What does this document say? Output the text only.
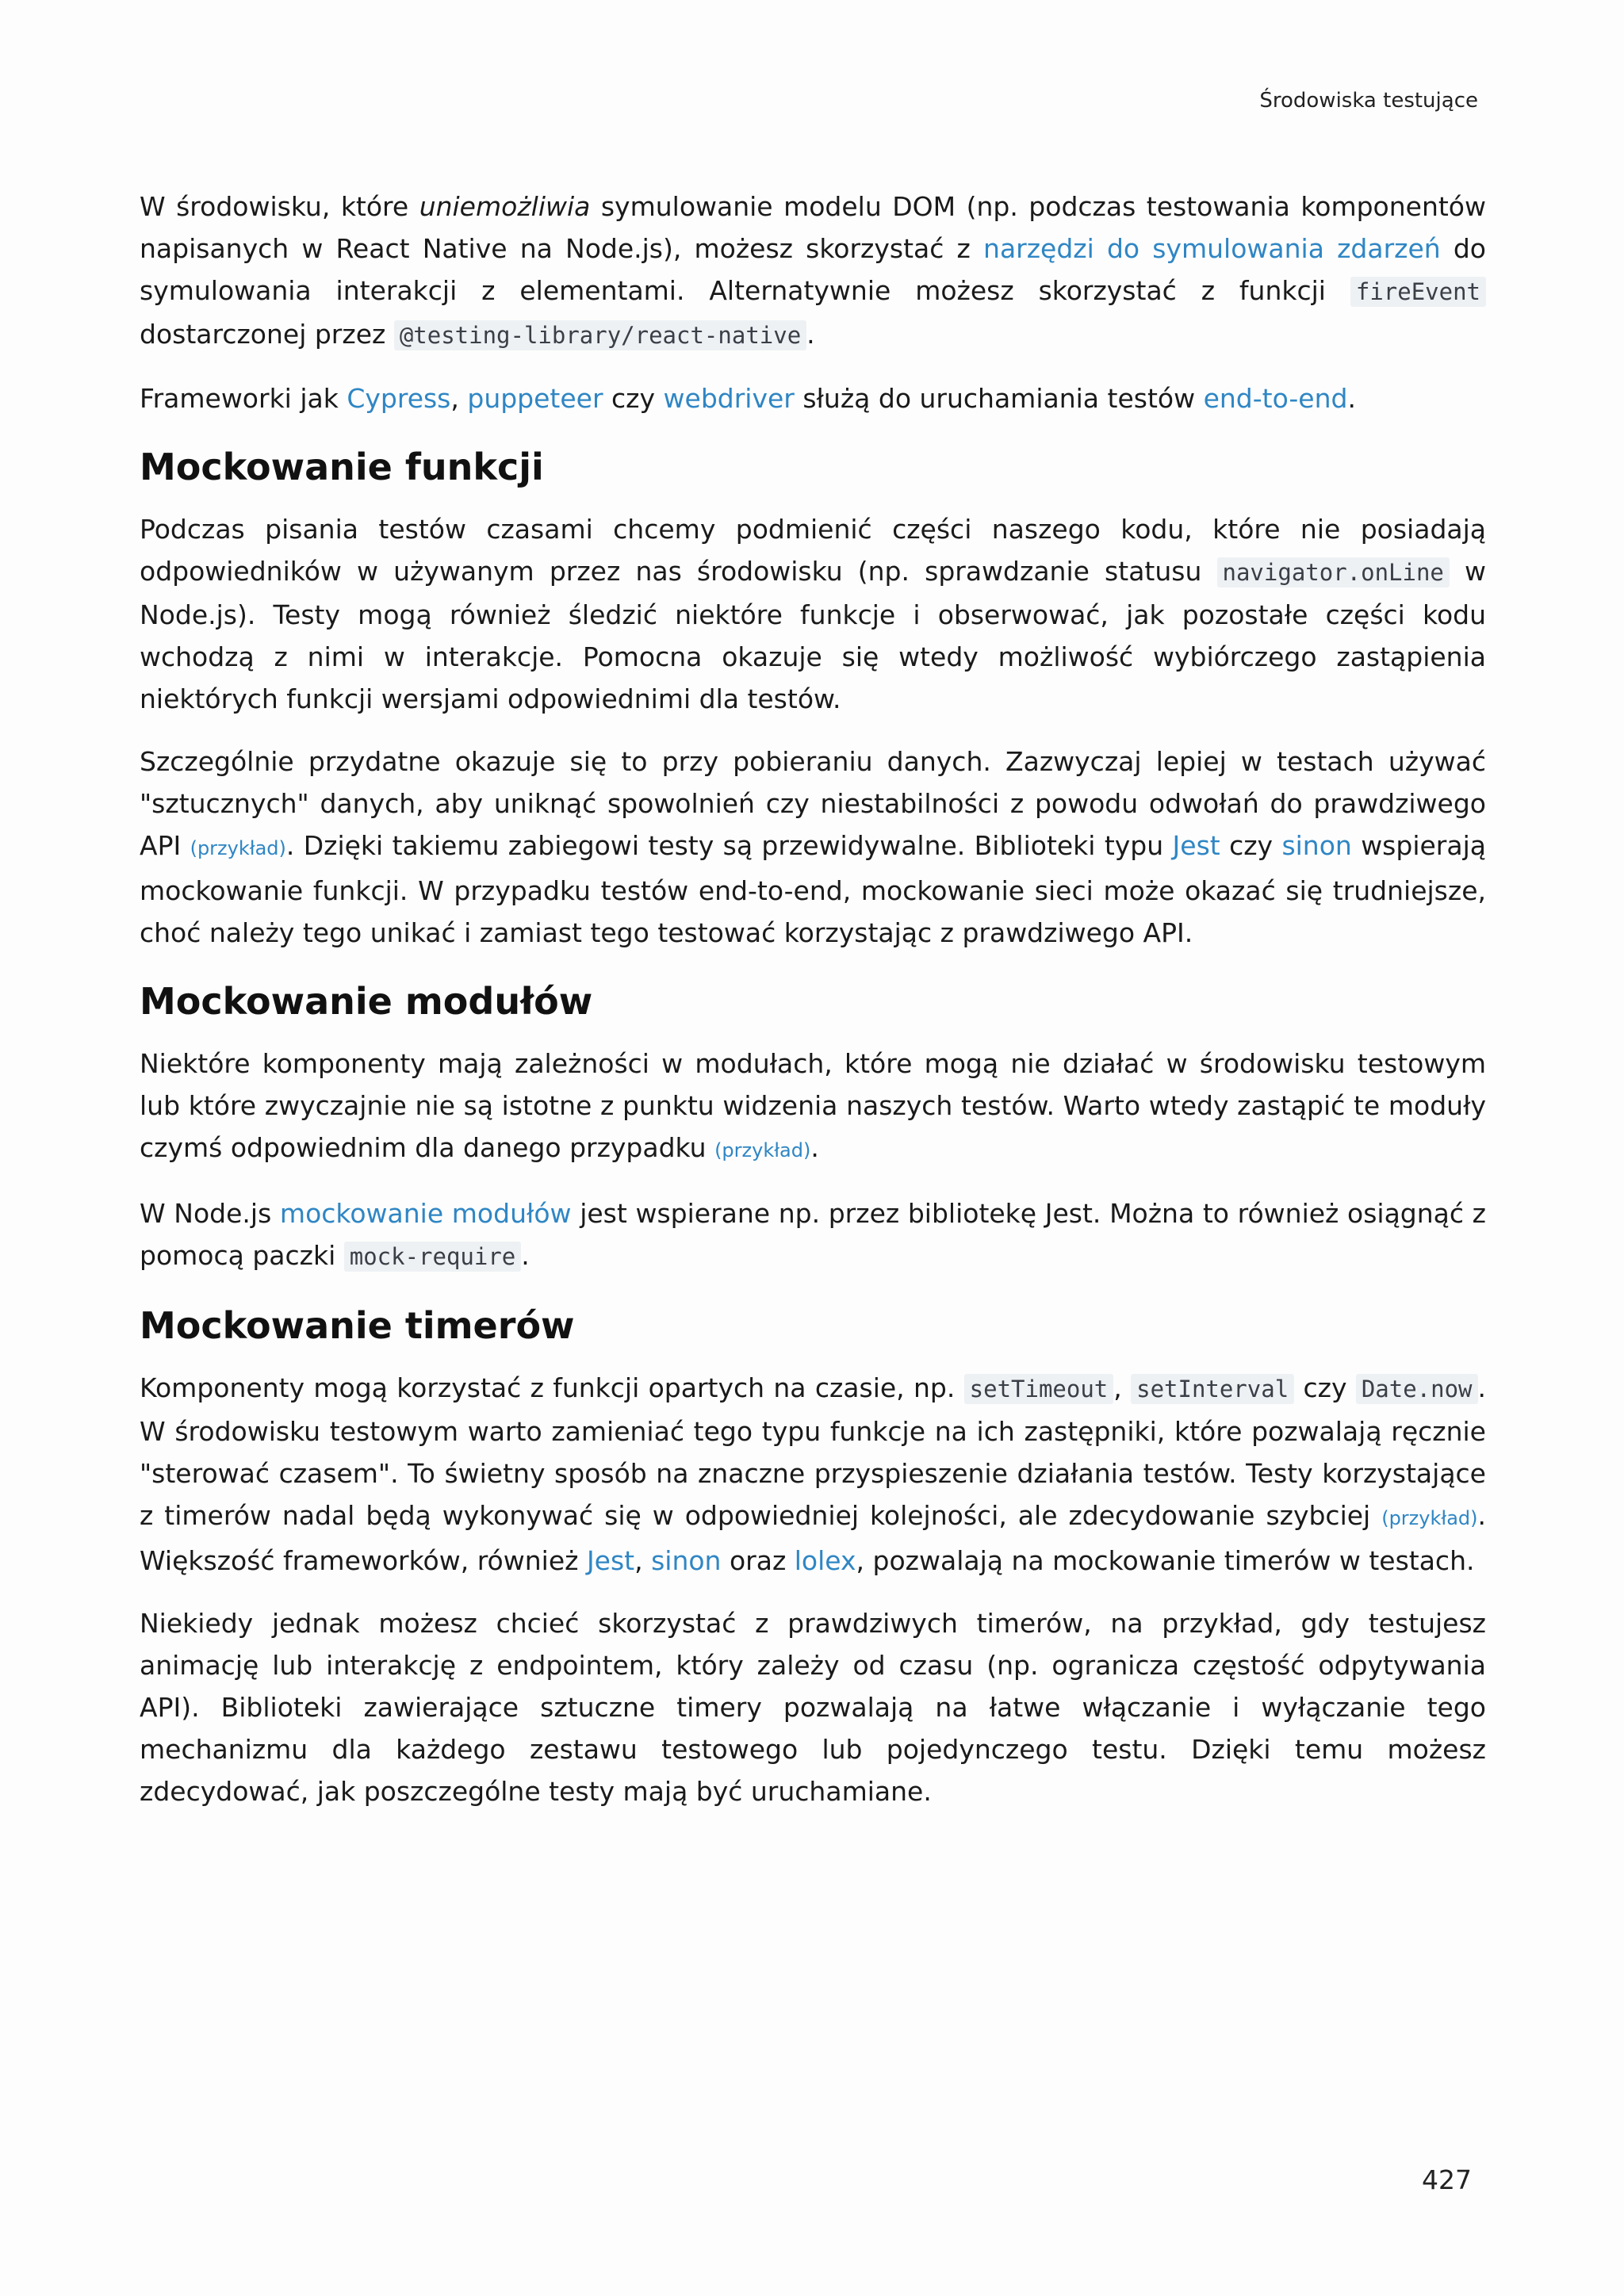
Środowiska testujące

W środowisku, które uniemożliwia symulowanie modelu DOM (np. podczas testowania komponentów napisanych w React Native na Node.js), możesz skorzystać z narzędzi do symulowania zdarzeń do symulowania interakcji z elementami. Alternatywnie możesz skorzystać z funkcji fireEvent dostarczonej przez @testing-library/react-native .

Frameworki jak Cypress, puppeteer czy webdriver służą do uruchamiania testów end-to-end.

Mockowanie funkcji

Podczas pisania testów czasami chcemy podmienić części naszego kodu, które nie posiadają odpowiedników w używanym przez nas środowisku (np. sprawdzanie statusu navigator.onLine w Node.js). Testy mogą również śledzić niektóre funkcje i obserwować, jak pozostałe części kodu wchodzą z nimi w interakcje. Pomocna okazuje się wtedy możliwość wybiórczego zastąpienia niektórych funkcji wersjami odpowiednimi dla testów.

Szczególnie przydatne okazuje się to przy pobieraniu danych. Zazwyczaj lepiej w testach używać "sztucznych" danych, aby uniknąć spowolnień czy niestabilności z powodu odwołań do prawdziwego API (przykład). Dzięki takiemu zabiegowi testy są przewidywalne. Biblioteki typu Jest czy sinon wspierają mockowanie funkcji. W przypadku testów end-to-end, mockowanie sieci może okazać się trudniejsze, choć należy tego unikać i zamiast tego testować korzystając z prawdziwego API.

Mockowanie modułów

Niektóre komponenty mają zależności w modułach, które mogą nie działać w środowisku testowym lub które zwyczajnie nie są istotne z punktu widzenia naszych testów. Warto wtedy zastąpić te moduły czymś odpowiednim dla danego przypadku (przykład).

W Node.js mockowanie modułów jest wspierane np. przez bibliotekę Jest. Można to również osiągnąć z pomocą paczki mock-require .

Mockowanie timerów

Komponenty mogą korzystać z funkcji opartych na czasie, np. setTimeout , setInterval czy Date.now . W środowisku testowym warto zamieniać tego typu funkcje na ich zastępniki, które pozwalają ręcznie "sterować czasem". To świetny sposób na znaczne przyspieszenie działania testów. Testy korzystające z timerów nadal będą wykonywać się w odpowiedniej kolejności, ale zdecydowanie szybciej (przykład). Większość frameworków, również Jest, sinon oraz lolex, pozwalają na mockowanie timerów w testach.

Niekiedy jednak możesz chcieć skorzystać z prawdziwych timerów, na przykład, gdy testujesz animację lub interakcję z endpointem, który zależy od czasu (np. ogranicza częstość odpytywania API). Biblioteki zawierające sztuczne timery pozwalają na łatwe włączanie i wyłączanie tego mechanizmu dla każdego zestawu testowego lub pojedynczego testu. Dzięki temu możesz zdecydować, jak poszczególne testy mają być uruchamiane.

427
